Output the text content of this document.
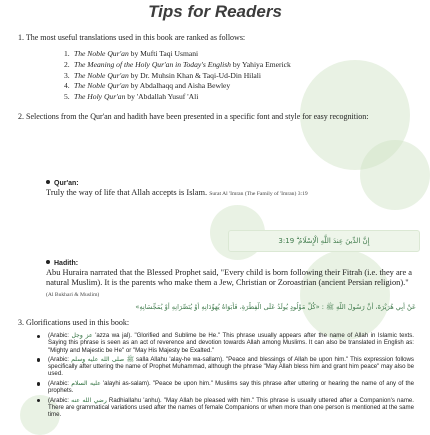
Tips for Readers
1. The most useful translations used in this book are ranked as follows:
1. The Noble Qur'an by Mufti Taqi Usmani
2. The Meaning of the Holy Qur'an in Today's English by Yahiya Emerick
3. The Noble Qur'an by Dr. Muhsin Khan & Taqi-Ud-Din Hilali
4. The Noble Qur'an by Abdalhaqq and Aisha Bewley
5. The Holy Qur'an by 'Abdallah Yusuf 'Ali
2. Selections from the Qur'an and hadith have been presented in a specific font and style for easy recognition:
Qur'an:
Truly the way of life that Allah accepts is Islam. Surat Al 'Imran (The Family of 'Imran) 3:19
إِنَّ الدِّينَ عِندَ اللَّهِ الْإِسْلَامُ ۗ 3:19
Hadith:
Abu Huraira narrated that the Blessed Prophet said, "Every child is born following their Fitrah (i.e. they are a natural Muslim). It is the parents who make them a Jew, Christian or Zoroastrian (ancient Persian religion)." (Al Bukhari & Muslim)
عَنْ أَبِي هُرَيْرَةَ، أَنَّ رَسُولَ اللَّهِ ﷺ : «كُلُّ مَوْلُودٍ يُولَدُ عَلَى الْفِطْرَةِ، فَأَبَوَاهُ يُهَوِّدَانِهِ أَوْ يُنَصِّرَانِهِ أَوْ يُمَجِّسَانِهِ»
3. Glorifications used in this book:
(Arabic: عز وجل 'azza wa jal). "Glorified and Sublime be He." This phrase usually appears after the name of Allah in Islamic texts. Saying this phrase is seen as an act of reverence and devotion towards Allah among Muslims. It can also be translated in English as: "Mighty and Majestic be He" or "May His Majesty be Exalted."
(Arabic: ﷺ صلى الله عليه وسلم salla Allahu 'alay-he wa-sallam). "Peace and blessings of Allah be upon him." This expression follows specifically after uttering the name of Prophet Muhammad, although the phrase "May Allah bless him and grant him peace" may also be used.
(Arabic: عليه السلام 'alayhi as-salam). "Peace be upon him." Muslims say this phrase after uttering or hearing the name of any of the prophets.
(Arabic: رضي الله عنه Radhiallahu 'anhu). "May Allah be pleased with him." This phrase is usually uttered after a Companion's name. There are grammatical variations used after the names of female Companions or when more than one person is mentioned at the same time.
